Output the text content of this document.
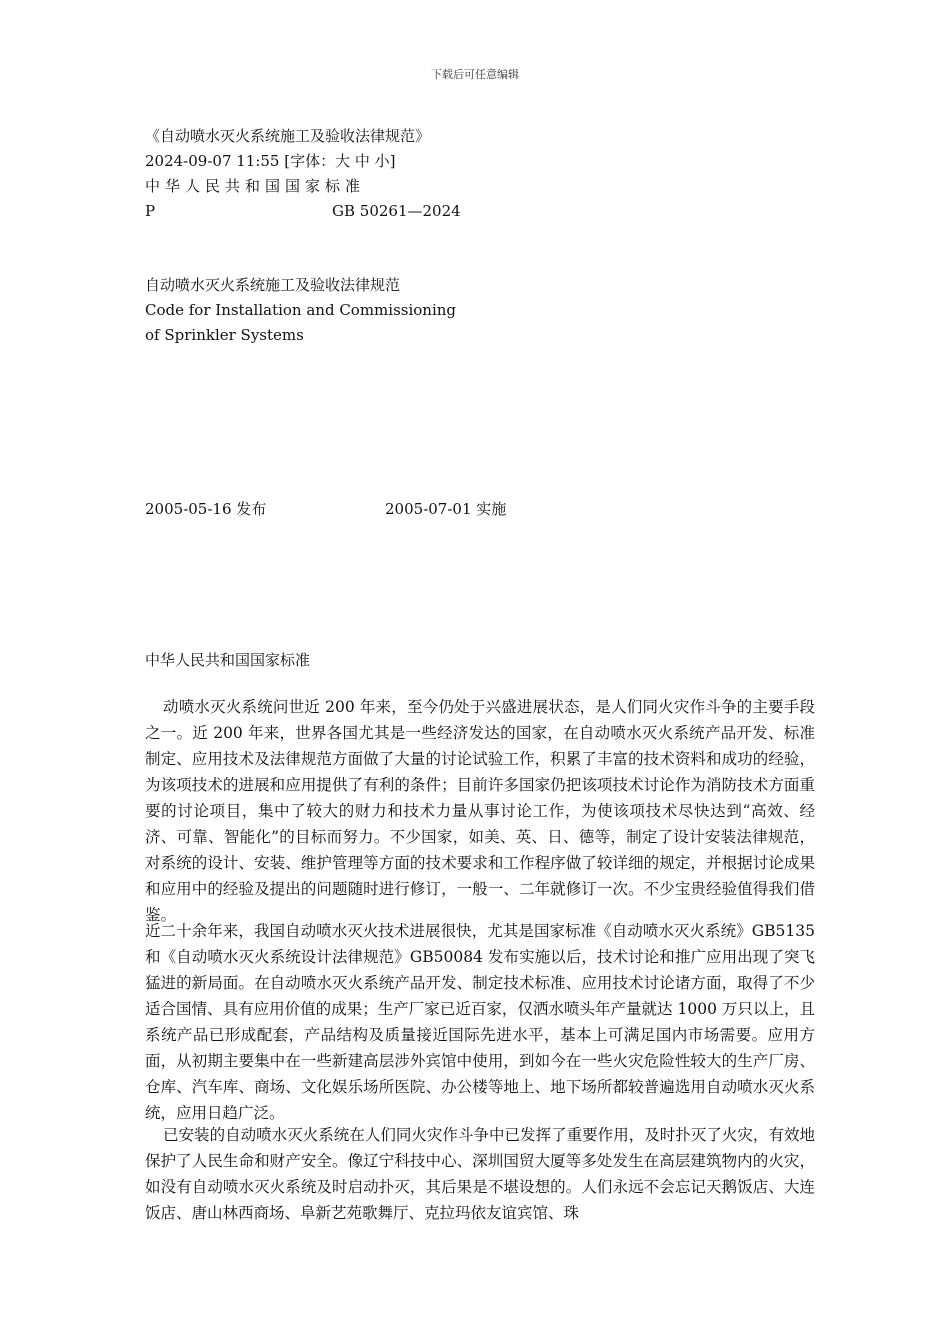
下载后可任意编辑
《自动喷水灭火系统施工及验收法律规范》
2024-09-07 11:55 [字体：大 中 小]
中华人民共和国国家标准
P	GB 50261—2024
自动喷水灭火系统施工及验收法律规范
Code for Installation and Commissioning
of Sprinkler Systems
2005-05-16 发布	2005-07-01 实施
中华人民共和国国家标准
动喷水灭火系统问世近 200 年来，至今仍处于兴盛进展状态，是人们同火灾作斗争的主要手段之一。近 200 年来，世界各国尤其是一些经济发达的国家，在自动喷水灭火系统产品开发、标准制定、应用技术及法律规范方面做了大量的讨论试验工作，积累了丰富的技术资料和成功的经验，为该项技术的进展和应用提供了有利的条件；目前许多国家仍把该项技术讨论作为消防技术方面重要的讨论项目，集中了较大的财力和技术力量从事讨论工作，为使该项技术尽快达到“高效、经济、可靠、智能化”的目标而努力。不少国家，如美、英、日、德等，制定了设计安装法律规范，对系统的设计、安装、维护管理等方面的技术要求和工作程序做了较详细的规定，并根据讨论成果和应用中的经验及提出的问题随时进行修订，一般一、二年就修订一次。不少宝贵经验值得我们借鉴。
近二十余年来，我国自动喷水灭火技术进展很快，尤其是国家标准《自动喷水灭火系统》GB5135 和《自动喷水灭火系统设计法律规范》GB50084 发布实施以后，技术讨论和推广应用出现了突飞猛进的新局面。在自动喷水灭火系统产品开发、制定技术标准、应用技术讨论诸方面，取得了不少适合国情、具有应用价值的成果；生产厂家已近百家，仅洒水喷头年产量就达 1000 万只以上，且系统产品已形成配套，产品结构及质量接近国际先进水平，基本上可满足国内市场需要。应用方面，从初期主要集中在一些新建高层涉外宾馆中使用，到如今在一些火灾危险性较大的生产厂房、仓库、汽车库、商场、文化娱乐场所医院、办公楼等地上、地下场所都较普遍选用自动喷水灭火系统，应用日趋广泛。
已安装的自动喷水灭火系统在人们同火灾作斗争中已发挥了重要作用，及时扑灭了火灾，有效地保护了人民生命和财产安全。像辽宁科技中心、深圳国贸大厦等多处发生在高层建筑物内的火灾，如没有自动喷水灭火系统及时启动扑灭，其后果是不堪设想的。人们永远不会忘记天鹅饭店、大连饭店、唐山林西商场、阜新艺苑歌舞厅、克拉玛依友谊宾馆、珠
